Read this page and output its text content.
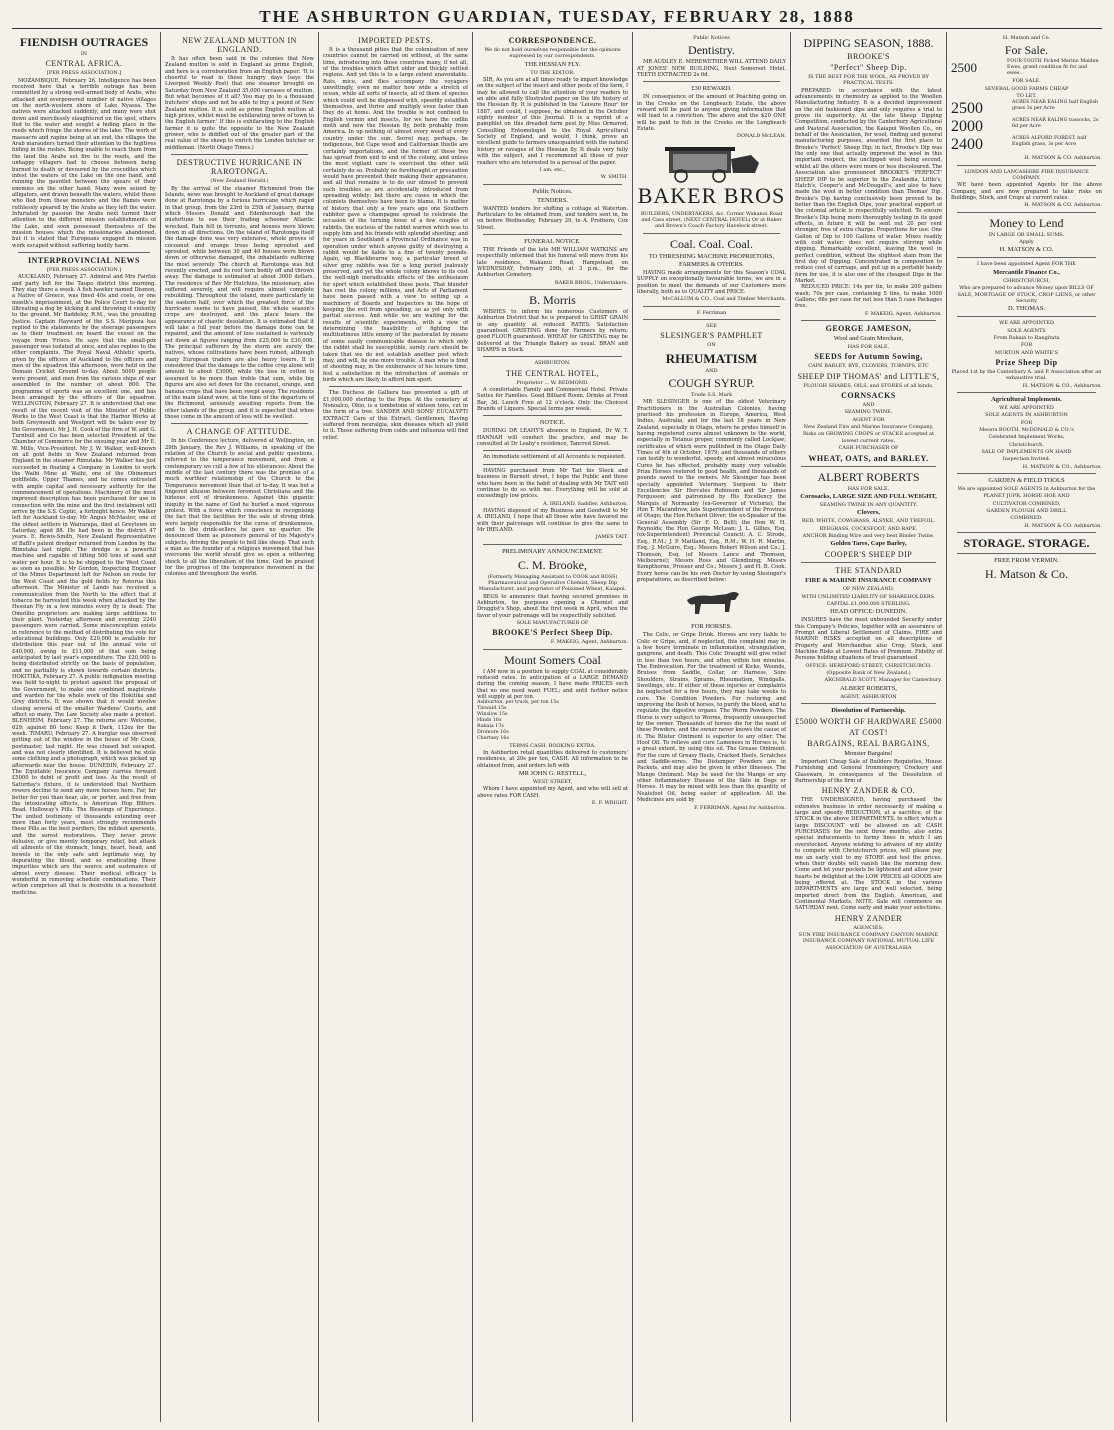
THE ASHBURTON GUARDIAN, TUESDAY, FEBRUARY 28, 1888
FIENDISH OUTRAGES
IN
CENTRAL AFRICA.
[PER PRESS ASSOCIATION.]

MOZAMBIQUE, February 26. Intelligence has been received here that a terrible outrage has been committed by a strong well-armed body of Arabs, who attacked and overpowered number of native villages on the north-western shore of Lake Nyassa. The natives were attacked suddenly, and many were shot down and mercilessly slaughtered on the spot, others fled to the water and sought a hiding place in the reeds which fringe the shores of the lake. The work of massacre and rapine being at an end, the villages the Arab marauders turned their attention to the fugitives hiding in the rushes. Being unable to reach them from the land the Arabs set fire to the reeds, and the unhappy villagers had to choose between being burned to death or devoured by the crocodiles which infest the waters of the Lake on the one hand, and running the gauntlet between the spears of their enemies on the other hand. Many were seized by alligators, and drawn beneath the waters, whilst those who fled from these monsters and the flames were ruthlessly speared by the Arabs as they left the water. Infuriated by passion the Arabs next turned their attention to the different mission establishments of the Lake, and soon possessed themselves of the mission houses which the missionaries abandoned, but it is stated that Europeans engaged in mission work escaped without suffering bodily harm.

INTERPROVINCIAL NEWS
[PER PRESS ASSOCIATION.]

AUCKLAND, February 27. Admiral and Mrs Fairfax and party left for the Taupo district this morning. They stay there a week. A fish hawker named Dismon, a Native of Greece, was fined 40s and costs, or one month's imprisonment, at the Police Court to-day for illtreating a dog by kicking it and throwing it violently to the ground. Mr Baddeley, R.M., was the presiding Justice. Captain Hayward of the S.S. Maripoza has replied to the statements by the steerage passengers as to their treatment on board the vessel on the voyage from 'Frisco. He says that the small-pox passenger was isolated at once, and also replies to the other complaints. The Royal Naval Athletic sports, given by the officers of Auckland to the officers and men of the squadron this afternoon, were held on the Domain Cricket Ground to-day. About 5000 people were present, and men from the various ships of war assembled to the number of about 800. The programme of sports was an excellent one, and has been arranged by the officers of the squadron. WELLINGTON, February 27. It is understood that one result of the recent visit of the Minister of Public Works to the West Coast is that the Harbor Works at both Greymouth and Westport will be taken over by the Government. Mr J. H. Cook of the firm of W. and G. Turnbull and Co has been selected President of the Chamber of Commerce for the ensuing year and Mr E. W. Mills, Vice-President. Mr J. W. Walker, well-known on all gold fields in New Zealand returned from England in the steamer Rimutaka. Mr Walker has just succeeded in floating a Company in London to work the Waihi Mine at Waihi, one of the Ohinemuri goldfields, Upper Thames, and he comes entrusted with ample capital and necessary authority for the commencement of operations. Machinery of the most improved description has been purchased for use in connection with the mine and the first instalment will arrive by the S.S. Coptic, a fortnight hence. Mr Walker left for Auckland to-day. Mr Angus McMaster, one of the oldest settlers in Wairarapa, died at Greytown on Saturday, aged 88. He had been in the district 47 years. E. Rewis-Smith, New Zealand Representative of Baffi's patent dredger returned from London by the Rimutaka last night. The dredge is a powerful machine and capable of lifting 500 tons of sand and water per hour. It is to be shipped to the West Coast as soon as possible. Mr Gordon, Inspecting Engineer of the Mines Department left for Nelson en route for the West Coast and the gold fields by Rotorua this afternoon. The Minister of Lands has received a communication from the North to the effect that if tobacco be harvested this week when attacked by the Hessian Fly in a few minutes every fly is dead. The Omotiho proprietors are making large additions to their plant. Yesterday afternoon and evening 2240 passengers were carried. Some misconception exists in reference to the method of distributing the vote for educational buildings. Only £20,000 is available for distribution this year out of the annual vote of £40,000, owing to £11,000 of that sum being anticipated by last year's expenditure. The £20,000 is being distributed strictly on the basis of population, and no partiality is shown towards certain districts. HOKITIKA, February 27. A public indignation meeting was held to-night to protest against the proposal of the Government, to make one combined magistrate and warden for the whole work of the Hokitika and Grey districts. It was shown that it would involve closing several of the smaller Wardens' Courts, and affect so many. The Law Society also made a protest. BLENHEIM, February 27. The returns are: Welcome, 629; against 80 tons; Keep it Dark, 112oz for the week. TIMARU, February 27. A burglar was observed getting out of the window in the house of Mr Cook, postmaster, last night. He was chased but escaped, and was not clearly identified. It is believed he stole some clothing and a photograph, which was picked up afterwards near the house. DUNEDIN, February 27. The Equitable Insurance Company carries forward £5000 to debit of profit and loss. As the result of Saturday's fixture, it is understood that Northern rowers decline to send any more horses here. Far, far better for you than hear, ale, or porter, and free from the intoxicating effects, is American Hop Bitters. Read. Holloway's Pills. The Blessings of Experience. The united testimony of thousands extending over more than forty years, most strongly recommends these Pills as the best purifiers, the mildest aperients, and the surest restoratives. They never prove delusive, or give merely temporary relief, but attack all ailments of the stomach, lungs, heart, head, and bowels in the only safe and legitimate way, by depurating the blood, and so eradicating those impurities which are the source and sustenance of almost every disease. Their medical efficacy is wonderful in removing schedule combinations. Their action comprises all that is desirable in a household medicine.

NEW ZEALAND MUTTON IN ENGLAND.

It has often been said in the colonies that New Zealand mutton is sold in England as prime English, and here is a corroboration from an English paper: 'It is cheerful to read in these hungry days (says the Liverpool Weekly Post) that one steamer brought on Saturday from New Zealand 35,000 carcases of mutton. But what becomes of it all? You may go to a thousand butchers' shops and not be able to buy a pound of New Zealand mutton. It is sold as prime English mutton at high prices, whilst must be exhilarating news of town to the English farmer.' If this is exhilarating to the English farmer it is quite the opposite to the New Zealand grower, who is diddled out of the greater part of the real value of the sheep to enrich the London butcher or middleman. (North Otago Times.)

DESTRUCTIVE HURRICANE IN RAROTONGA.
(New Zealand Herald.)

By the arrival of the steamer Richmond from the Islands, news was brought to Auckland of great damage done at Rarotonga by a furious hurricane which raged in that group, from the 23rd to 25th of January, during which Messrs Donald and Edenborough had the misfortune to see their trading schooner Atlantic wrecked. Rain fell in torrents, and houses were blown down in all directions. On the island of Rarotonga itself the damage done was very extensive, whole groves of cocoanut and orange trees being uprooted and sprouted, while between 30 and 40 houses were blown down or otherwise damaged, the inhabitants suffering the most severely. The church at Rarotonga was but recently erected, and its roof torn bodily off and thrown away. The damage is estimated at about 3000 dollars. The residence of Rev Mr Hutchins, the missionary, also suffered severely, and will require almost complete rebuilding. Throughout the island, more particularly in the eastern half, over which the greatest force of the hurricane seems to have passed, the whole season's crops are destroyed, and the place bears the appearance of chaotic desolation. It is estimated that it will take a full year before the damage done can be repaired, and the amount of loss sustained is variously set down at figures ranging from £25,000 to £30,000. The principal sufferers by the storm are surely the natives, whose cultivations have been ruined, although many European traders are also heavy losers. It is considered that the damage to the coffee crop alone will amount to about £3000, while the loss in cotton is assumed to be more than treble that sum, while big figures are also set down for the cocoanut, orange, and banana crops that have been swept away. The residents of the main island were, at the time of the departure of the Richmond, anxiously awaiting reports from the other islands of the group, and it is expected that when those come in the amount of loss will be swelled.

A CHANGE OF ATTITUDE.

In his Conference lecture, delivered at Wellington, on 29th January, the Rev J. Williams, in speaking of the relation of the Church to social and public questions, referred to the temperance movement, and from a contemporary we cull a few of his utterances: About the middle of the last century there was the promise of a much worthier relationship of the Church to the Temperance movement than that of to-day. It was but a fingered allusion between foremost Christians and the hideous evil of drunkenness. Against this gigantic iniquity in the name of God he hurled a most vigorous protest. With a force which conscience in recognising the fact that the facilities for the sale of strong drink were largely responsible for the curse of drunkenness, and to the drink-sellers he gave no quarter. He denounced them as poisoners general of his Majesty's subjects, driving the people to hell like sheep. That such a man as the founder of a religious movement that has overcome the world should give so open a withering shock to all the liberalism of the time. God be praised for the progress of the temperance movement in the colonies and throughout the world.

IMPORTED PESTS.

It is a thousand pities that the colonisation of new countries cannot be carried on without, at the same time, introducing into those countries many, if not all, of the troubles which afflict older and thickly settled regions. And yet this is to a large extent unavoidable. Rats, mice, and flies accompany the voyagers unwittingly, even no matter how wide a stretch of ocean, while all sorts of insects, all of them of species which could well be dispensed with, speedily establish themselves, and thrive and multiply even faster than they do at home. And the trouble is not confined to English vermin and insects, for we have the codlin moth and now the Hessian fly, both probably from America. In up nothing of almost every weed of every country under the sun. Sorrel may, perhaps, be indigenous, but Cape weed and Californian thistle are certainly importations, and the former of these two has spread from end to end of the colony, and unless the most vigilant care is exercised the other will certainly do so. Probably no forethought or precaution would have prevented their making their appearance, and all that remains is to do our utmost to prevent such troubles as are accidentally introduced from spreading widely; but there are cases in which the colonists themselves have been to blame. It is matter of history that only a few years ago one Southern rabbiter gave a champagne spread to celebrate the occasion of the turning loose of a few couples of rabbits, the nucleus of the rabbit warren which was to supply him and his friends with splendid shooting; and for years in Southland a Provincial Ordinance was in operation under which anyone guilty of destroying a rabbit would be liable to a fine of twenty pounds. Again, up Blackbourne way, a particular breed of silver grey rabbits was for a long period jealously preserved, and yet the whole colony knows to its cost the well-nigh ineradicable effects of the enthusiasm for sport which established these pests. That blunder has cost the colony millions, and Acts of Parliament have been passed with a view to setting up a machinery of Boards and Inspectors in the hope of keeping the evil from spreading, so as yet only with partial success. And while we are waiting for the results of scientific experiments, with a view of determining the feasibility of fighting the multitudinous little enemy of the pastoralist by means of some easily communicable disease to which only the rabbit shall be susceptible, surely care should be taken that we do not establish another pest which may, and will, be one more trouble. A man who is fond of shooting may, in the exuberance of his leisure time, feel a satisfaction in the introduction of animals or birds which are likely to afford him sport.

The Duchess de Galliera has presented a gift of £1,000,000 sterling to the Pope. At the cemetery at Nonoalco, Ohio, is a tombstone of sixteen tons, cut in the form of a tree. SANDER AND SONS' EUCALYPTI EXTRACT. Care of this Extract, Gentlemen, Having suffered from neuralgia, skin diseases which all yield to it. Those suffering from colds and influenza will find relief.

CORRESPONDENCE.
We do not hold ourselves responsible for the opinions expressed by our correspondents.
THE HESSIAN FLY.
TO THE EDITOR.

SIR, As you are at all times ready to impart knowledge on the subject of the insect and other pests of the farm, I may be allowed to call the attention of your readers to an able and fully illustrated paper on the life history of the Hessian fly. It is published in the 'Leisure Hour' for 1887, and could, I suppose, be obtained in the October eighty number of this Journal. It is a reprint of a pamphlet on this dreaded farm pest by Miss Ormerod, Consulting Entomologist to the Royal Agricultural Society of England, and would, I think, prove an excellent guide to farmers unacquainted with the natural history or ravages of the Hessian fly. It deals very fully with the subject, and I recommend all those of your readers who are interested to a perusal of the paper.

I am, etc.,
W. SMITH.
Public Notices.
TENDERS.

WANTED tenders for shifting a cottage at Waterton. Particulars to be obtained from, and tenders sent in, be on before Wednesday, February 29, to A. Prothero, Cox Street.

FUNERAL NOTICE.

THE Friends of the late MR WILLIAM WATKINS are respectfully informed that his funeral will move from his late residence, Wakanui Road, Hampstead, on WEDNESDAY, February 29th, at 3 p.m., for the Ashburton Cemetery.

BAKER BROS., Undertakers.
B. Morris

WISHES to inform his numerous Customers of Ashburton District that he is prepared to GRIST GRAIN in any quantity at reduced RATES. Satisfaction guaranteed. GRISTING done for Farmers by return; good FLOUR guaranteed. WHEAT for GRISTING may be delivered at the Triangle Bakery as usual. BRAN and SHARPS in Stock.

ASHBURTON.
THE CENTRAL HOTEL,
Proprietor ... W. REDMOND.

A comfortable Family and Commercial Hotel. Private Suites for Families. Good Billiard Room. Drinks at Front Bar, 3d. Lunch Free at 12 o'clock. Only the Choicest Brands of Liquors. Special terms per week.

NOTICE.

DURING DR LEAHY'S absence in England, Dr W. T. HANNAH will conduct the practice, and may be consulted at Dr Leahy's residence, Tancred Street.

An immediate settlement of all Accounts is requested.

HAVING purchased from Mr Tait his Stock and business in Burnett street, I hope the Public and those who have been in the habit of dealing with Mr TAIT will continue to do so with me. Everything will be sold at exceedingly low prices.

A. IRELAND, Saddler, Ashburton.

HAVING disposed of my Business and Goodwill to Mr A. IRELAND, I hope that all those who have favored me with their patronage will continue to give the same to Mr IRELAND.

JAMES TAIT.
PRELIMINARY ANNOUNCEMENT.
C. M. Brooke,
(Formerly Managing Assistant to COOK and ROSS) Pharmaceutical and Operative Chemist, Sheep Dip Manufacturer, and proprietor of Poisoned Wheat, Kaiapoi.

BEGS to announce that having secured premises in Ashburton, he purposes opening a Chemist and Druggist's Shop, about the first week in April, when the favor of your patronage will be respectfully solicited.

SOLE MANUFACTURER OF
BROOKE'S Perfect Sheep Dip.
F. MAKEIG, Agent, Ashburton.
Mount Somers Coal

I AM now in a position to supply COAL at considerably reduced rates. In anticipation of a LARGE DEMAND during the coming season, I have made PRICES such that no one need want FUEL; and until further notice will supply at per ton.

Ashburton, per truck, per ton 15s
Tinwald 15s
Winslow 15s
Hinds 16s
Rakaia 17s
Dromore 16s
Chertsey 16s
TERMS CASH. BOOKING EXTRA.

In Ashburton retail quantities delivered to customers' residences, at 20s per ton, CASH. All information to be obtained from, and orders left with

MR JOHN G. RESTELL,
WEST STREET,

Whom I have appointed my Agent, and who will sell at above rates FOR CASH.

E. F. WRIGHT.
Public Notices
Dentistry.

MR AUDLEY E. MEREWETHER WILL ATTEND DAILY AT JONES' NEW BUILDING, Next Somerset Hotel. TEETH EXTRACTED 2s 6d.

£30 REWARD.

IN consequence of the amount of Poaching going on in the Creeks on the Longbeach Estate, the above reward will be paid to anyone giving information that will lead to a conviction. The above and the $20 ONE will be paid to fish in the Creeks on the Longbeach Estate.

DONALD McLEAN.
BAKER BROS
BUILDERS, UNDERTAKERS, &c. Corner Wakanui Road and Cass street, (NEXT CENTRAL HOTEL) Or at Baker and Brown's Coach Factory Havelock street.
Coal. Coal. Coal.
TO THRESHING MACHINE PROPRIETORS, FARMERS & OTHERS.

HAVING made arrangements for this Season's COAL SUPPLY on exceptionally favourable terms, we are in a position to meet the demands of our Customers more liberally, both as to QUALITY and PRICE.

McCALLUM & CO., Coal and Timber Merchants.
F. Ferriman
SEE
SLESINGER'S PAMPHLET
ON
RHEUMATISM
AND
COUGH SYRUP.
Trade S.S. Mark

MR SLESINGER is one of the oldest Veterinary Practitioners in the Australian Colonies, having practised his profession in Europe, America, West Indies, Australia, and for the last 18 years in New Zealand, especially in Otago, where he prides himself in having registered cures almost unknown to the world, especially in Tetanus proper, commonly called Lockjaw; certificates of which were published in the Otago Daily Times of 4th of October, 1879; and thousands of others can testify to wonderful, speedy, and almost miraculous Cures he has effected, probably many very valuable Prize Horses restored to good health, and thousands of pounds saved to the owners. Mr Slesinger has been specially appointed Veterinary Surgeon to their Excellencies Sir Hercules Robinson and Sir James Fergusson; and patronised by His Excellency the Marquis of Normanby (ex-Governor of Victoria); the Hon T. Macandrew, late Superintendent of the Province of Otago; the Hon Richard Oliver; the ex-Speaker of the General Assembly (Sir F. D. Bell); the Hon W. H. Reynolds; the Hon George McLean; J. L. Gillies, Esq. (ex-Superintendent) Provincial Council; A. C. Strode, Esq., R.M.; J. P. Maitland, Esq., R.M.; W. H. R. Martin, Esq.; J. McGuire, Esq.; Messrs Robert Wilson and Co.; J. Thomson, Esq. (of Messrs Lance and Thomson, Melbourne); Messrs Ross and Glendining; Messrs Kempthorne, Prosser and Co.; Messrs J. and H. B. Cook. Every horse can be his own Doctor by using Slesinger's preparations, as described below:

FOR HORSES.

The Colic, or Gripe Drink. Horses are very liable to Colic or Gripe, and, if neglected, this complaint may in a few hours terminate in inflammation, strangulation, gangrene, and death. This Colic Draught will give relief in less than two hours, and often within ten minutes. The Embrocation. For the treatment of Kicks, Wounds, Bruises from Saddle, Collar, or Harness, Sore Shoulders, Strains, Sprains, Rheumatism, Windgalls, Swellings, etc. If either of these injuries or complaints be neglected for a few hours, they may take weeks to cure. The Condition Powders. For restoring and improving the flesh of horses, to purify the blood, and to regulate the digestive organs. The Worm Powders. The Horse is very subject to Worms, frequently unsuspected by the owner. Thousands of horses die for the want of these Powders, and the owner never knows the cause of it. The Blister Ointment is superior to any other. The Hoof Oil. To relieve and cure Lameness in Horses is, to a great extent, by using this oil. The Grease Ointment. For the cure of Greasy Heels, Cracked Heels, Scratches and Saddle-sores. The Distemper Powders are in Packets, and may also be given in other illnesses. The Mange Ointment. May be used for the Mange or any other Inflammatory Disease of the Skin in Dogs or Horses. It may be mixed with less than the quantity of Neatsfoot Oil, being easier of application. All the Medicines are sold by

F. FERRIMAN, Agent for Ashburton.
DIPPING SEASON, 1888.
BROOKE'S
"Perfect" Sheep Dip.
IS THE BEST FOR THE WOOL, AS PROVED BY PRACTICAL TESTS.

PREPARED in accordance with the latest advancements in chemistry as applied to the Woollen Manufacturing Industry. It is a decided improvement on the old fashioned dips and only requires a trial to prove its superiority. At the late Sheep Dipping Competition, conducted by the Canterbury Agricultural and Pastoral Association, the Kaiapoi Woollen Co., on behalf of the Association, for wool, finding and general manufacturing purposes, awarded the first place to Brooke's 'Perfect' Sheep Dip; in fact, Brooke's Dip was the only one that actually improved the wool in this important respect, the unclipped wool being second, whilst all the others were more or less discoloured. The Association also pronounced BROOKE'S 'PERFECT' SHEEP DIP to be superior to the Zealandia, Little's, Hatch's, Cooper's and McDougall's, and also to have made the wool in better condition than Thomas' Dip. Brooke's Dip having conclusively been proved to be better than the English Dips, your practical support of the colonial article is respectfully solicited. To ensure Brooke's Dip being more thoroughly testing in its good effects, in future it will be sent out 20 per cent stronger, free of extra charge. Proportions for use: One Gallon of Dip to 100 Gallons of water. Mixes readily with cold water; does not require stirring while dipping. Remarkably excellent, leaving the wool in perfect condition, without the slightest stain from the first day of Dipping. Concentrated in composition to reduce cost of carriage, and put up in a portable handy form for use, it is also one of the cheapest Dips in the Market.

REDUCED PRICE: 14s per tin, to make 200 gallons wash; 70s per case, containing 5 tins, to make 1000 Gallons; 68s per case for not less than 5 case Packages free.

F. MAKEIG, Agent, Ashburton.
GEORGE JAMESON,
Wool and Grain Merchant,
HAS FOR SALE,
SEEDS for Autumn Sowing,
CAPE BARLEY, RYE, CLOVERS, TURNIPS, ETC
SHEEP DIP THOMAS' and LITTLE'S,
PLOUGH SHARES, OILS, and STORES of all kinds,
CORNSACKS
AND
SEAMING TWINE,
AGENT FOR
New Zealand Fire and Marine Insurance Company,
Risks on GROWING CROPS or STACKS accepted at lowest current rates.
CASH PURCHASER OF
WHEAT, OATS, and BARLEY.
ALBERT ROBERTS
HAS FOR SALE,
Cornsacks, LARGE SIZE AND FULL WEIGHT,
SEAMING TWINE IN ANY QUANTITY.
Clovers,
RED, WHITE, COWGRASS, ALSYKE, AND TREFOIL.
RYEGRASS, COCKSFOOT, AND RAPE.
ANCHOR Binding Wire and very best Binder Twine.
Golden Tares, Cape Barley,
COOPER'S SHEEP DIP
THE STANDARD
FIRE & MARINE INSURANCE COMPANY
OF NEW ZEALAND.
WITH UNLIMITED LIABILITY OF SHAREHOLDERS.
CAPITAL £1,000,000 STERLING.
HEAD OFFICE: DUNEDIN.

INSURES have the most unbounded Security under this Company's Policies, together with an assurance of Prompt and Liberal Settlement of Claims. FIRE and MARINE RISKS accepted on all descriptions of Property and Merchandise also Crop, Stock, and Machine Risks at Lowest Rates of Premium. Fidelity of Persons holding situations of trust guaranteed.

OFFICE: HEREFORD STREET, CHRISTCHURCH.
(Opposite Bank of New Zealand.)
ARCHIBALD SCOTT, Manager for Canterbury.
ALBERT ROBERTS,
AGENT, ASHBURTON
Dissolution of Partnership.
£5000 WORTH OF HARDWARE £5000
AT COST!
BARGAINS, REAL BARGAINS,
Monster Bargains!

Important Cheap Sale of Builders Requisites, House Furnishing and General Ironmongery, Crockery and Glassware, in consequence of the Dissolution of Partnership of the firm of

HENRY ZANDER & CO.

THE UNDERSIGNED, having purchased the extensive business in order necessarily of making a large and speedy REDUCTION, at a sacrifice, of the STOCK in the above DEPARTMENTS, to effect which a large DISCOUNT will be allowed on all CASH PURCHASES for the next three months; also extra special inducements to farmy lines in which I am overstocked. Anyone wishing to advance of my ability to compete with Christchurch prices, will please pay me an early visit to my STORE and test the prices, when their doubts will vanish like the morning dew. Come and let your pockets be lightened and allow your hearts be delighted at the LOW PRICES all GOODS are being offered at. The STOCK in the various DEPARTMENTS are large and well selected, being imported direct from the English, American, and Continental Markets. NOTE. Sale will commence on SATURDAY next. Come early and make your selections.

HENRY ZANDER
AGENCIES:
SUN FIRE INSURANCE COMPANY CANTON MARINE INSURANCE COMPANY NATIONAL MUTUAL LIFE ASSOCIATION OF AUSTRALASIA
H. Matson and Co.
For Sale.
2500	FOUR-TOOTH Picked Merino Maiden Ewes, grand condition fit for and ewes.
FOR SALE.
SEVERAL GOOD FARMS CHEAP
TO LET.
2500	ACRES NEAR EALING half English grass 3s per Acre
2000	ACRES NEAR EALING tussocks, 2s 6d per Acre
2400	ACRES ALFORD FOREST, half English grass, 3s per Acre
H. MATSON & CO. Ashburton.
LONDON AND LANCASHIRE FIRE INSURANCE COMPANY.

WE have been appointed Agents for the above Company, and are now prepared to take risks on Buildings, Stock, and Crops at current rates.

H. MATSON & CO. Ashburton.
Money to Lend
IN LARGE OR SMALL SUMS.
Apply
H. MATSON & CO.
I have been appointed Agent FOR THE
Mercantile Finance Co.,
CHRISTCHURCH,
Who are prepared to advance Money upon BILLS OF SALE, MORTGAGE OF STOCK, CROP LIENS, or other Security
D. THOMAS.
WE ARE APPOINTED
SOLE AGENTS
From Rakaia to Rangitata
FOR
MURTON AND WHITE'S
Prize Sheep Dip
Placed 1st by the Canterbury A. and P. Association after an exhaustive trial.
H. MATSON & CO., Ashburton.
Agricultural Implements.
WE ARE APPOINTED
SOLE AGENTS IN ASHBURTON
FOR
Messrs BOOTH, McDONALD & CO.'s
Celebrated Implement Works,
Christchurch.
SALE OF IMPLEMENTS ON HAND
Inspection Invited.
H. MATSON & CO., Ashburton.
GARDEN & FIELD TOOLS
We are appointed SOLE AGENTS in Ashburton for the
PLANET JUPR. HORSE HOE AND
CULTIVATOR COMBINED,
GARDEN PLOUGH AND DRILL
COMBINED.
H. MATSON & CO. Ashburton.
STORAGE. STORAGE.
FREE FROM VERMIN.
H. Matson & Co.
